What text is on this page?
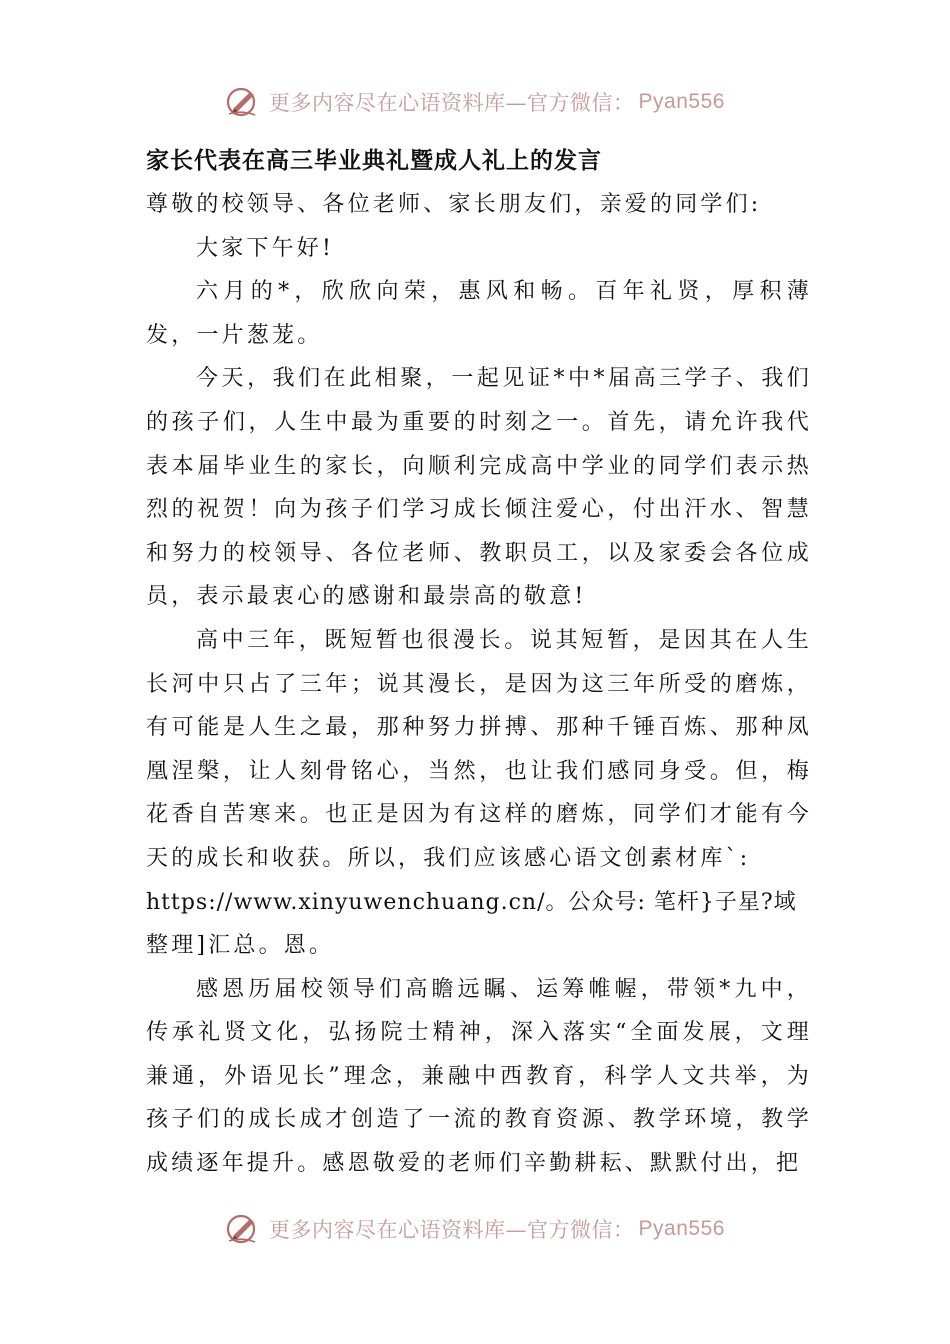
更多内容尽在心语资料库—官方微信： Pyan556

家长代表在高三毕业典礼暨成人礼上的发言

尊敬的校领导、各位老师、家长朋友们，亲爱的同学们:

大家下午好!

六月的*，欣欣向荣，惠风和畅。百年礼贤，厚积薄发，一片葱茏。

今天，我们在此相聚，一起见证*中*届高三学子、我们的孩子们，人生中最为重要的时刻之一。首先，请允许我代表本届毕业生的家长，向顺利完成高中学业的同学们表示热烈的祝贺！向为孩子们学习成长倾注爱心，付出汗水、智慧和努力的校领导、各位老师、教职员工，以及家委会各位成员，表示最衷心的感谢和最崇高的敬意!

高中三年，既短暂也很漫长。说其短暂，是因其在人生长河中只占了三年；说其漫长，是因为这三年所受的磨炼，有可能是人生之最，那种努力拼搏、那种千锤百炼、那种凤凰涅槃，让人刻骨铭心，当然，也让我们感同身受。但，梅花香自苦寒来。也正是因为有这样的磨炼，同学们才能有今天的成长和收获。所以，我们应该感心语文创素材库`:

https://www.xinyuwenchuang.cn/。公众号: 笔杆}子星?域

整理]汇总。恩。

感恩历届校领导们高瞻远瞩、运筹帷幄，带领*九中，传承礼贤文化，弘扬院士精神，深入落实“全面发展，文理兼通，外语见长”理念，兼融中西教育，科学人文共举，为孩子们的成长成才创造了一流的教育资源、教学环境，教学成绩逐年提升。感恩敬爱的老师们辛勤耕耘、默默付出，把

更多内容尽在心语资料库—官方微信： Pyan556
